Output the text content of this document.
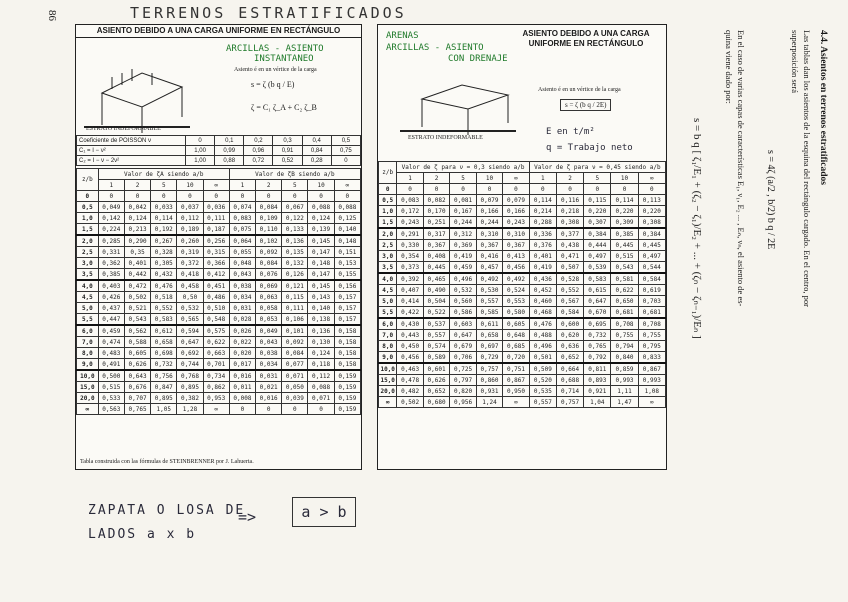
86	TERRENOS ESTRATIFICADOS
ASIENTO DEBIDO A UNA CARGA UNIFORME EN RECTÁNGULO
ESTRATO INDEFORMABLE
ARCILLAS - ASIENTO
INSTANTANEO
Asiento é en un vértice de la carga
s = ζ (b q / E)
ζ = C₁ ζ_A + C₂ ζ_B
Coeficiente de POISSON ν	0	0,1	0,2	0,3	0,4	0,5
C₁ = I − ν²	1,00	0,99	0,96	0,91	0,84	0,75
C₂ = I − ν − 2ν²	1,00	0,88	0,72	0,52	0,28	0
z/b	Valor de ζA siendo a/b					Valor de ζB siendo a/b				
	1	2	5	10	∞	1	2	5	10	∞
0	0	0	0	0	0	0	0	0	0	0
0,5	0,049	0,042	0,033	0,037	0,036	0,074	0,084	0,067	0,088	0,088
1,0	0,142	0,124	0,114	0,112	0,111	0,083	0,109	0,122	0,124	0,125
1,5	0,224	0,213	0,192	0,189	0,187	0,075	0,110	0,133	0,139	0,140
2,0	0,285	0,290	0,267	0,260	0,256	0,064	0,102	0,136	0,145	0,148
2,5	0,331	0,35	0,328	0,319	0,315	0,055	0,092	0,135	0,147	0,151
3,0	0,362	0,401	0,305	0,372	0,366	0,048	0,084	0,132	0,148	0,153
3,5	0,385	0,442	0,432	0,418	0,412	0,043	0,076	0,126	0,147	0,155
4,0	0,403	0,472	0,476	0,458	0,451	0,038	0,069	0,121	0,145	0,156
4,5	0,426	0,502	0,518	0,50	0,486	0,034	0,063	0,115	0,143	0,157
5,0	0,437	0,521	0,552	0,532	0,510	0,031	0,058	0,111	0,140	0,157
5,5	0,447	0,543	0,583	0,565	0,548	0,028	0,053	0,106	0,138	0,157
6,0	0,459	0,562	0,612	0,594	0,575	0,026	0,049	0,101	0,136	0,158
7,0	0,474	0,588	0,658	0,647	0,622	0,022	0,043	0,092	0,130	0,158
8,0	0,483	0,605	0,698	0,692	0,663	0,020	0,038	0,084	0,124	0,158
9,0	0,491	0,626	0,732	0,744	0,701	0,017	0,034	0,077	0,118	0,158
10,0	0,500	0,643	0,756	0,768	0,734	0,016	0,031	0,071	0,112	0,159
15,0	0,515	0,676	0,847	0,895	0,862	0,011	0,021	0,050	0,088	0,159
20,0	0,533	0,707	0,895	0,382	0,953	0,008	0,016	0,039	0,071	0,159
∞	0,563	0,765	1,05	1,28	∞	0	0	0	0	0,159
Tabla construida con las fórmulas de STEINBRENNER por J. Lahuerta.
ASIENTO DEBIDO A UNA CARGA
UNIFORME EN RECTÁNGULO
ARENAS
ARCILLAS - ASIENTO
CON DRENAJE
ESTRATO INDEFORMABLE
Asiento é en un vértice de la carga
s = ζ (b q / 2E)
E en t/m²
q = Trabajo neto
z/b	Valor de ζ para ν = 0,3 siendo a/b					Valor de ζ para ν = 0,45 siendo a/b				
	1	2	5	10	∞	1	2	5	10	∞
0	0	0	0	0	0	0	0	0	0	0
0,5	0,083	0,082	0,081	0,079	0,079	0,114	0,116	0,115	0,114	0,113
1,0	0,172	0,170	0,167	0,166	0,166	0,214	0,218	0,220	0,220	0,220
1,5	0,243	0,251	0,244	0,244	0,243	0,288	0,308	0,307	0,309	0,308
2,0	0,291	0,317	0,312	0,310	0,310	0,336	0,377	0,384	0,385	0,384
2,5	0,330	0,367	0,369	0,367	0,367	0,376	0,438	0,444	0,445	0,445
3,0	0,354	0,408	0,419	0,416	0,413	0,401	0,471	0,497	0,515	0,497
3,5	0,373	0,445	0,459	0,457	0,456	0,419	0,507	0,539	0,543	0,544
4,0	0,392	0,465	0,496	0,492	0,492	0,436	0,528	0,583	0,581	0,584
4,5	0,407	0,490	0,532	0,530	0,524	0,452	0,552	0,615	0,622	0,619
5,0	0,414	0,504	0,560	0,557	0,553	0,460	0,567	0,647	0,650	0,703
5,5	0,422	0,522	0,586	0,585	0,580	0,468	0,584	0,670	0,681	0,681
6,0	0,430	0,537	0,603	0,611	0,605	0,476	0,600	0,695	0,708	0,708
7,0	0,443	0,557	0,647	0,658	0,648	0,488	0,620	0,732	0,755	0,755
8,0	0,450	0,574	0,679	0,697	0,685	0,496	0,636	0,765	0,794	0,795
9,0	0,456	0,589	0,706	0,729	0,720	0,501	0,652	0,792	0,840	0,833
10,0	0,463	0,601	0,725	0,757	0,751	0,509	0,664	0,811	0,859	0,867
15,0	0,478	0,626	0,797	0,860	0,867	0,520	0,688	0,893	0,993	0,993
20,0	0,482	0,652	0,820	0,931	0,950	0,535	0,714	0,921	1,11	1,08
∞	0,502	0,680	0,956	1,24	∞	0,557	0,757	1,04	1,47	∞
ZAPATA O LOSA DE
LADOS a x b
=>	a > b
4.4. Asientos en terrenos estratificados
Las tablas dan los asientos de la esquina del rectángulo cargado. En el centro, por
superposición será
s = 4ζ (a/2 , b/2) b q / 2E
En el caso de varias capas de características E₁, ν₁, E₂ ... , Eₙ, νₙ, el asiento de es-
quina viene dado por:
s = b q [ ζ₁/E₁ + (ζ₂ − ζ₁)/E₂ + ... + (ζₙ − ζₙ₋₁)/Eₙ ]
